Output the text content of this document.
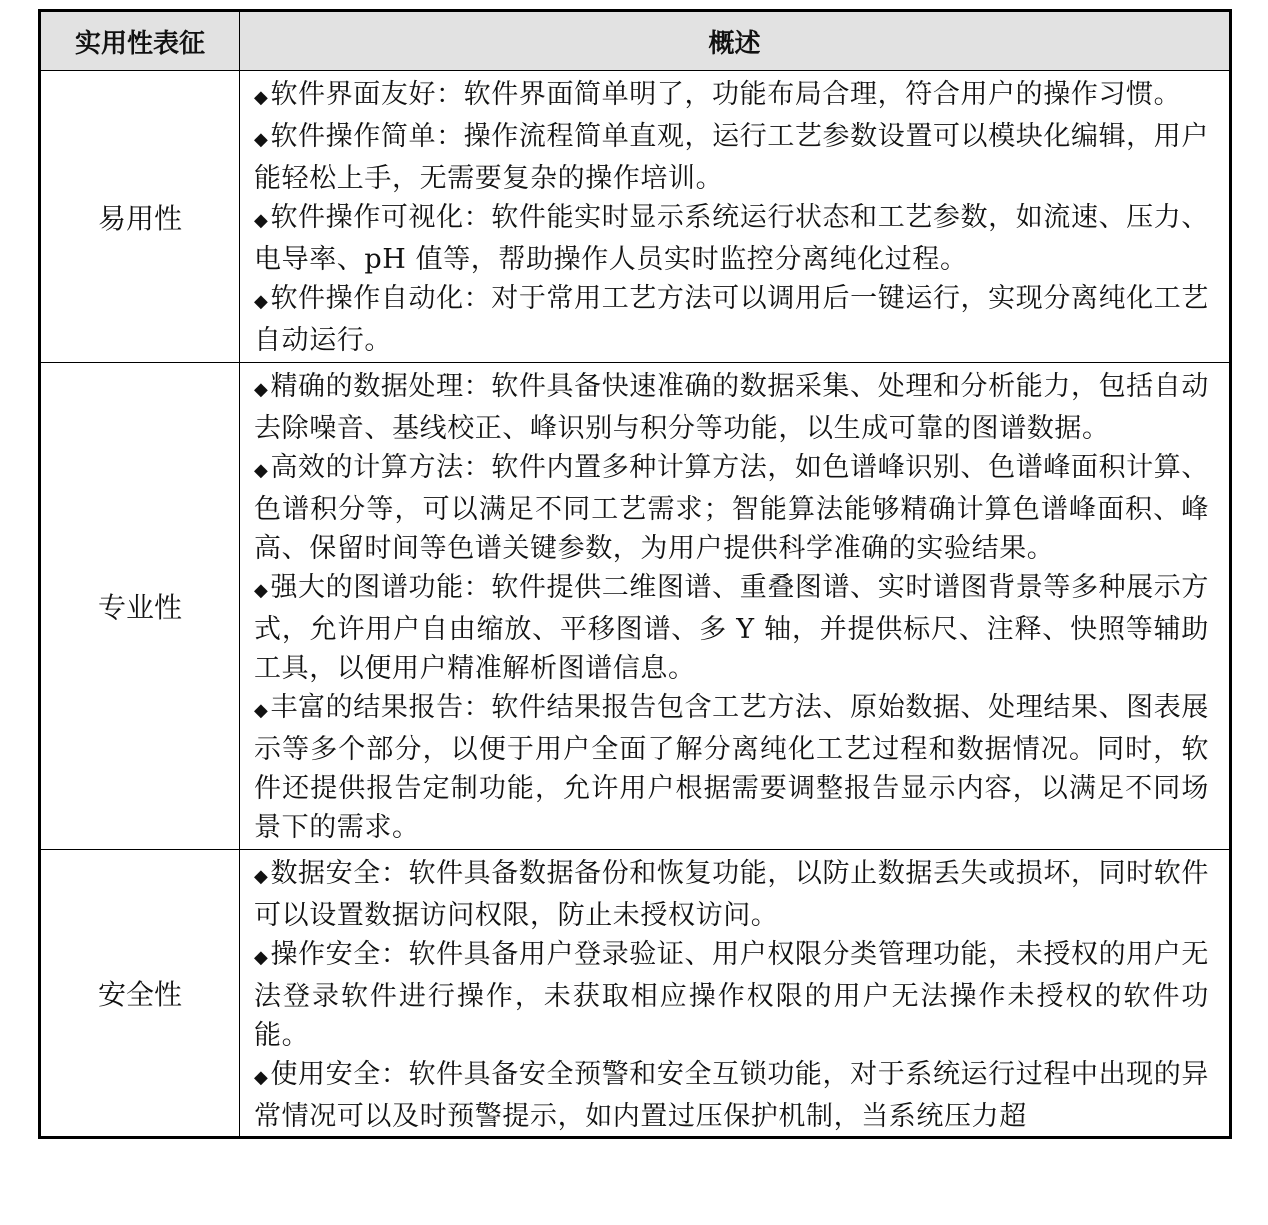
实用性表征	概述
易用性	◆软件界面友好：软件界面简单明了，功能布局合理，符合用户的操作习惯。

◆软件操作简单：操作流程简单直观，运行工艺参数设置可以模块化编辑，用户能轻松上手，无需要复杂的操作培训。

◆软件操作可视化：软件能实时显示系统运行状态和工艺参数，如流速、压力、电导率、pH 值等，帮助操作人员实时监控分离纯化过程。

◆软件操作自动化：对于常用工艺方法可以调用后一键运行，实现分离纯化工艺自动运行。

专业性	◆精确的数据处理：软件具备快速准确的数据采集、处理和分析能力，包括自动去除噪音、基线校正、峰识别与积分等功能，以生成可靠的图谱数据。

◆高效的计算方法：软件内置多种计算方法，如色谱峰识别、色谱峰面积计算、色谱积分等，可以满足不同工艺需求；智能算法能够精确计算色谱峰面积、峰高、保留时间等色谱关键参数，为用户提供科学准确的实验结果。

◆强大的图谱功能：软件提供二维图谱、重叠图谱、实时谱图背景等多种展示方式，允许用户自由缩放、平移图谱、多 Y 轴，并提供标尺、注释、快照等辅助工具，以便用户精准解析图谱信息。

◆丰富的结果报告：软件结果报告包含工艺方法、原始数据、处理结果、图表展示等多个部分，以便于用户全面了解分离纯化工艺过程和数据情况。同时，软件还提供报告定制功能，允许用户根据需要调整报告显示内容，以满足不同场景下的需求。

安全性	◆数据安全：软件具备数据备份和恢复功能，以防止数据丢失或损坏，同时软件可以设置数据访问权限，防止未授权访问。

◆操作安全：软件具备用户登录验证、用户权限分类管理功能，未授权的用户无法登录软件进行操作，未获取相应操作权限的用户无法操作未授权的软件功能。

◆使用安全：软件具备安全预警和安全互锁功能，对于系统运行过程中出现的异常情况可以及时预警提示，如内置过压保护机制，当系统压力超
